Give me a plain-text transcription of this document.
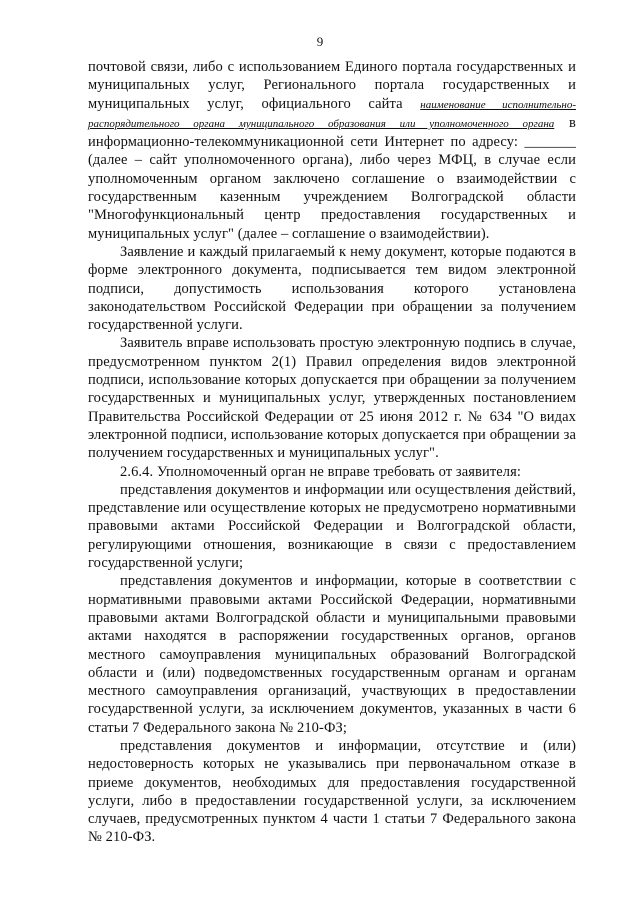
9

почтовой связи, либо с использованием Единого портала государственных и муниципальных услуг, Регионального портала государственных и муниципальных услуг, официального сайта наименование исполнительно-распорядительного органа муниципального образования или уполномоченного органа в информационно-телекоммуникационной сети Интернет по адресу: _______ (далее – сайт уполномоченного органа), либо через МФЦ, в случае если уполномоченным органом заключено соглашение о взаимодействии с государственным казенным учреждением Волгоградской области "Многофункциональный центр предоставления государственных и муниципальных услуг" (далее – соглашение о взаимодействии).

Заявление и каждый прилагаемый к нему документ, которые подаются в форме электронного документа, подписывается тем видом электронной подписи, допустимость использования которого установлена законодательством Российской Федерации при обращении за получением государственной услуги.

Заявитель вправе использовать простую электронную подпись в случае, предусмотренном пунктом 2(1) Правил определения видов электронной подписи, использование которых допускается при обращении за получением государственных и муниципальных услуг, утвержденных постановлением Правительства Российской Федерации от 25 июня 2012 г. № 634 "О видах электронной подписи, использование которых допускается при обращении за получением государственных и муниципальных услуг".

2.6.4. Уполномоченный орган не вправе требовать от заявителя:

представления документов и информации или осуществления действий, представление или осуществление которых не предусмотрено нормативными правовыми актами Российской Федерации и Волгоградской области, регулирующими отношения, возникающие в связи с предоставлением государственной услуги;

представления документов и информации, которые в соответствии с нормативными правовыми актами Российской Федерации, нормативными правовыми актами Волгоградской области и муниципальными правовыми актами находятся в распоряжении государственных органов, органов местного самоуправления муниципальных образований Волгоградской области и (или) подведомственных государственным органам и органам местного самоуправления организаций, участвующих в предоставлении государственной услуги, за исключением документов, указанных в части 6 статьи 7 Федерального закона № 210-ФЗ;

представления документов и информации, отсутствие и (или) недостоверность которых не указывались при первоначальном отказе в приеме документов, необходимых для предоставления государственной услуги, либо в предоставлении государственной услуги, за исключением случаев, предусмотренных пунктом 4 части 1 статьи 7 Федерального закона № 210-ФЗ.
